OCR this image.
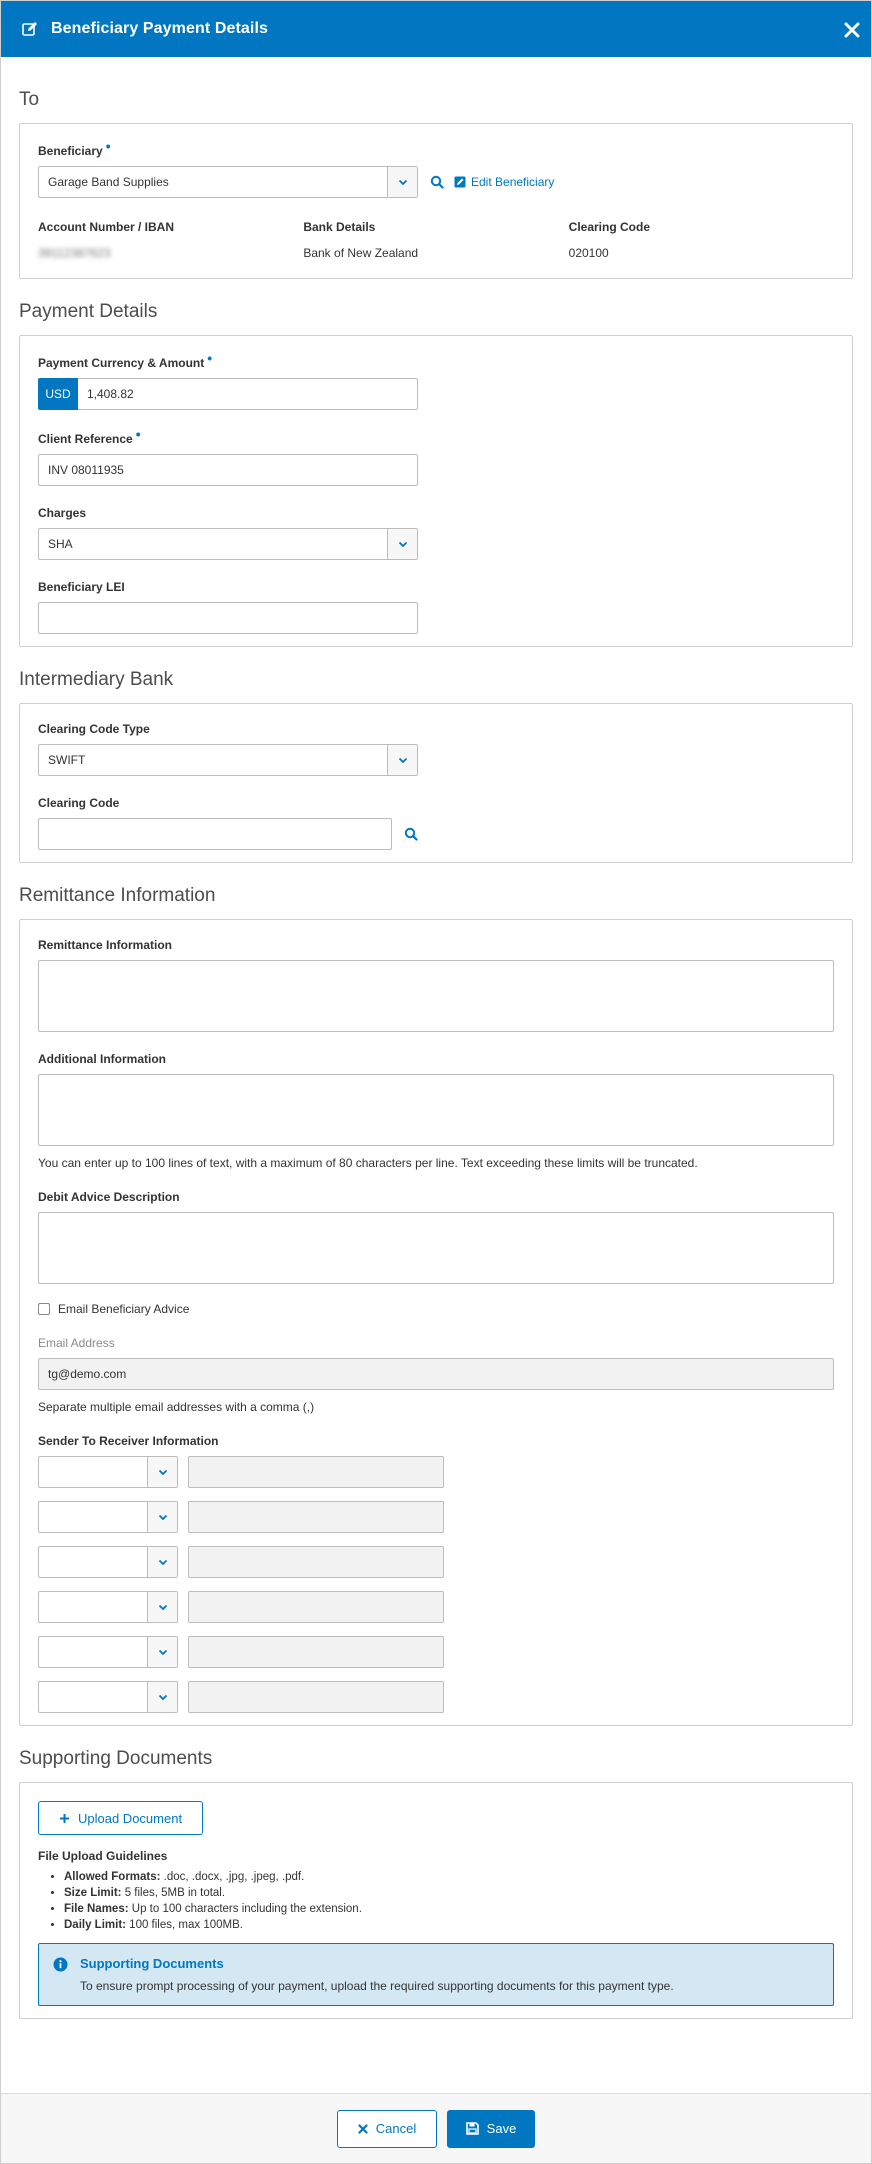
Beneficiary Payment Details
To
Beneficiary •
Garage Band Supplies	Edit Beneficiary
Account Number / IBAN
39112387623
Bank Details
Bank of New Zealand
Clearing Code
020100
Payment Details
Payment Currency & Amount •
USD	1,408.82
Client Reference •
INV 08011935
Charges
SHA
Beneficiary LEI
Intermediary Bank
Clearing Code Type
SWIFT
Clearing Code
Remittance Information
Remittance Information
Additional Information
You can enter up to 100 lines of text, with a maximum of 80 characters per line. Text exceeding these limits will be truncated.
Debit Advice Description
Email Beneficiary Advice
Email Address
tg@demo.com
Separate multiple email addresses with a comma (,)
Sender To Receiver Information
Supporting Documents
Upload Document
File Upload Guidelines
• Allowed Formats: .doc, .docx, .jpg, .jpeg, .pdf.
• Size Limit: 5 files, 5MB in total.
• File Names: Up to 100 characters including the extension.
• Daily Limit: 100 files, max 100MB.
Supporting Documents
To ensure prompt processing of your payment, upload the required supporting documents for this payment type.
Cancel	Save
